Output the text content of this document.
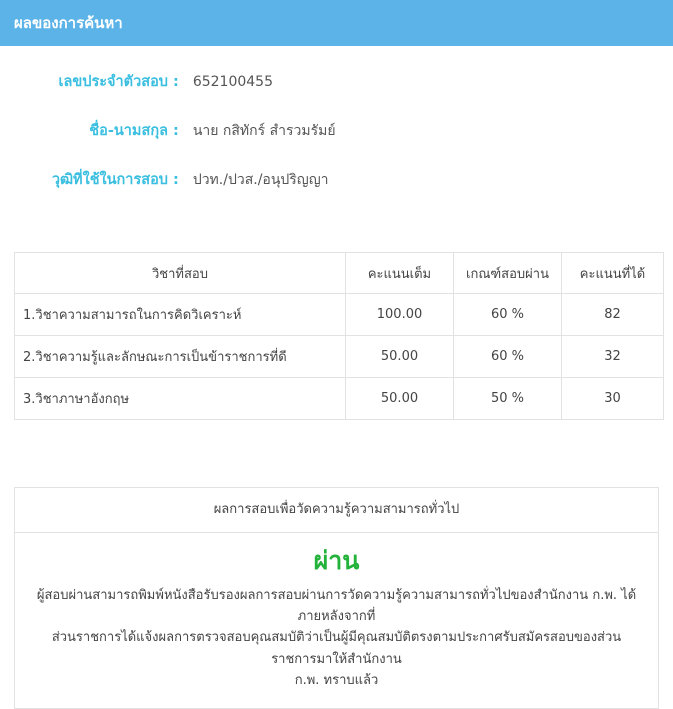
ผลของการค้นหา
เลขประจำตัวสอบ :	652100455
ชื่อ-นามสกุล :	นาย กสิทักร์ สำรวมรัมย์
วุฒิที่ใช้ในการสอบ :	ปวท./ปวส./อนุปริญญา
วิชาที่สอบ	คะแนนเต็ม	เกณฑ์สอบผ่าน	คะแนนที่ได้
1.วิชาความสามารถในการคิดวิเคราะห์	100.00	60 %	82
2.วิชาความรู้และลักษณะการเป็นข้าราชการที่ดี	50.00	60 %	32
3.วิชาภาษาอังกฤษ	50.00	50 %	30
ผลการสอบเพื่อวัดความรู้ความสามารถทั่วไป
ผ่าน
ผู้สอบผ่านสามารถพิมพ์หนังสือรับรองผลการสอบผ่านการวัดความรู้ความสามารถทั่วไปของสำนักงาน ก.พ. ได้ ภายหลังจากที่
ส่วนราชการได้แจ้งผลการตรวจสอบคุณสมบัติว่าเป็นผู้มีคุณสมบัติตรงตามประกาศรับสมัครสอบของส่วนราชการมาให้สำนักงาน
ก.พ. ทราบแล้ว
